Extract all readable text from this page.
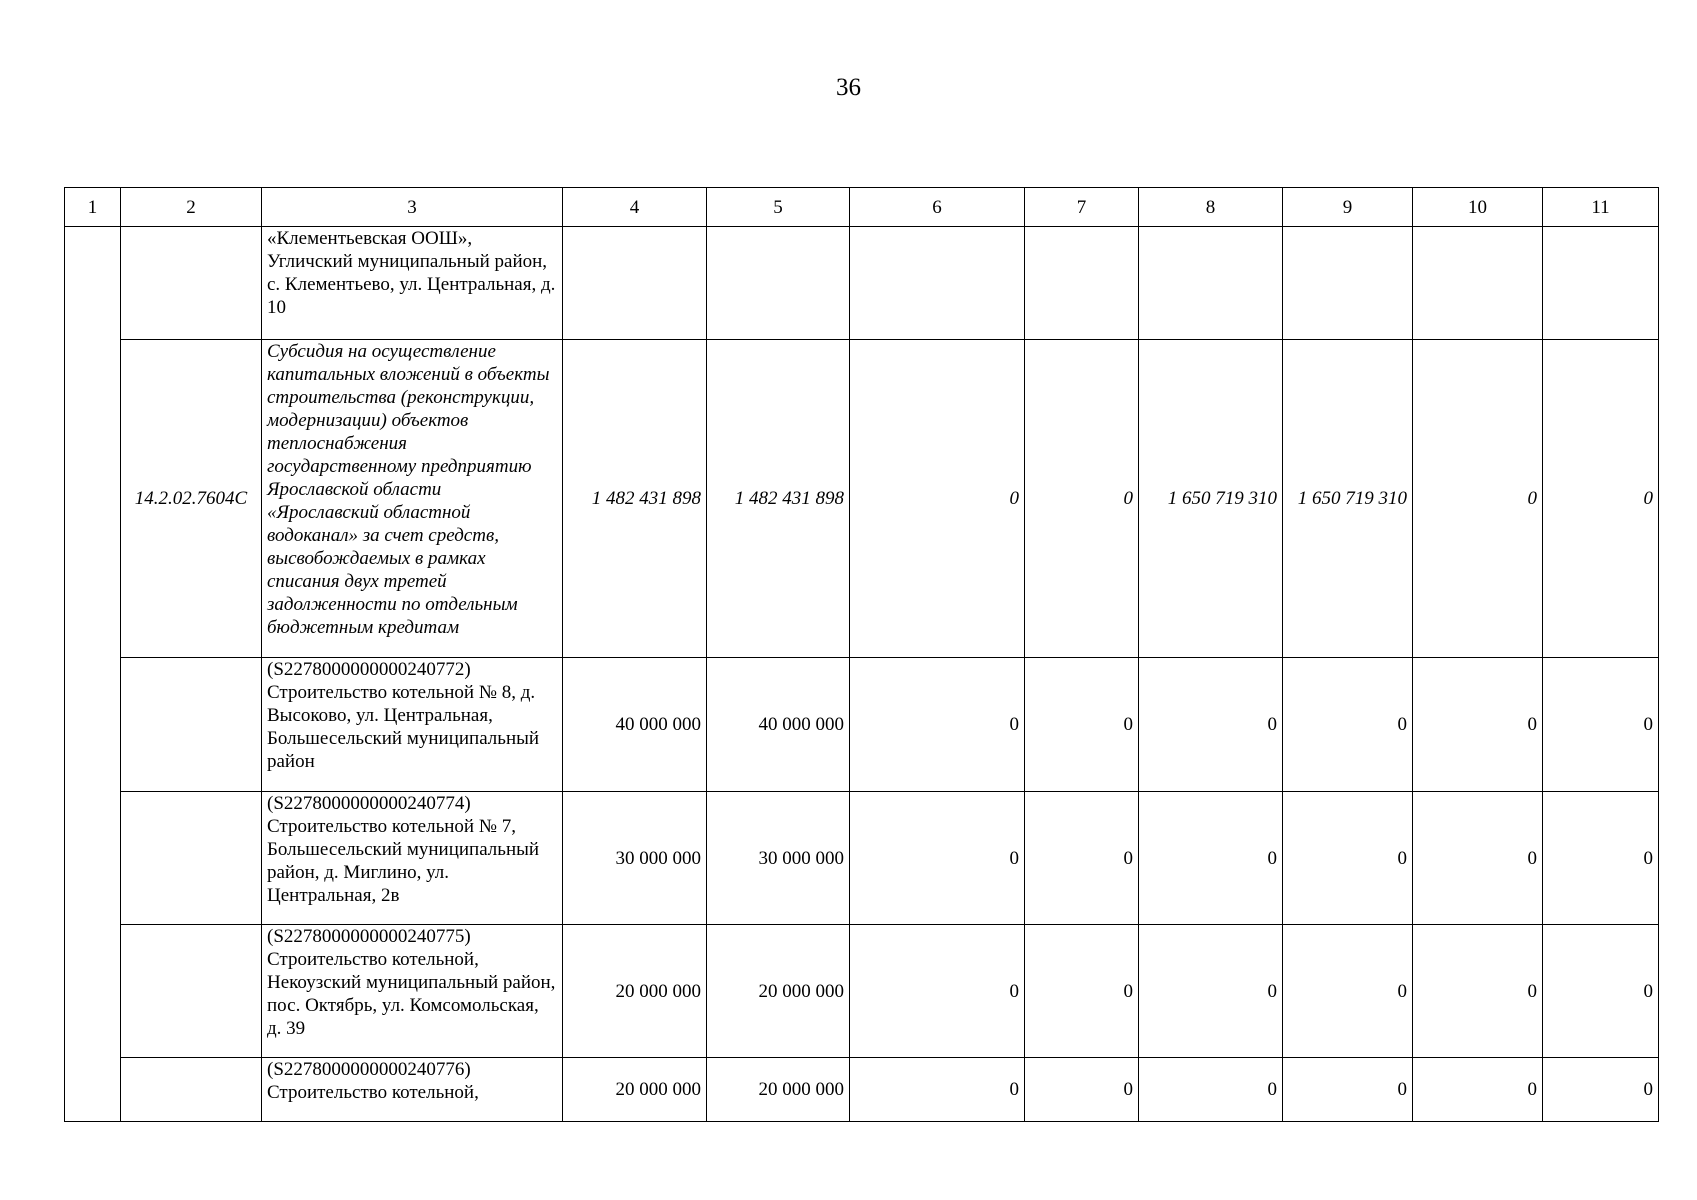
36
1	2	3	4	5	6	7	8	9	10	11
		«Клементьевская ООШ», Угличский муниципальный район, с. Клементьево, ул. Центральная, д. 10								
	14.2.02.7604С	Субсидия на осуществление капитальных вложений в объекты строительства (реконструкции, модернизации) объектов теплоснабжения государственному предприятию Ярославской области «Ярославский областной водоканал» за счет средств, высвобождаемых в рамках списания двух третей задолженности по отдельным бюджетным кредитам	1 482 431 898	1 482 431 898	0	0	1 650 719 310	1 650 719 310	0	0
		(S2278000000000240772) Строительство котельной № 8, д. Высоково, ул. Центральная, Большесельский муниципальный район	40 000 000	40 000 000	0	0	0	0	0	0
		(S2278000000000240774) Строительство котельной № 7, Большесельский муниципальный район, д. Миглино, ул. Центральная, 2в	30 000 000	30 000 000	0	0	0	0	0	0
		(S2278000000000240775) Строительство котельной, Некоузский муниципальный район, пос. Октябрь, ул. Комсомольская, д. 39	20 000 000	20 000 000	0	0	0	0	0	0
		(S2278000000000240776) Строительство котельной,	20 000 000	20 000 000	0	0	0	0	0	0
